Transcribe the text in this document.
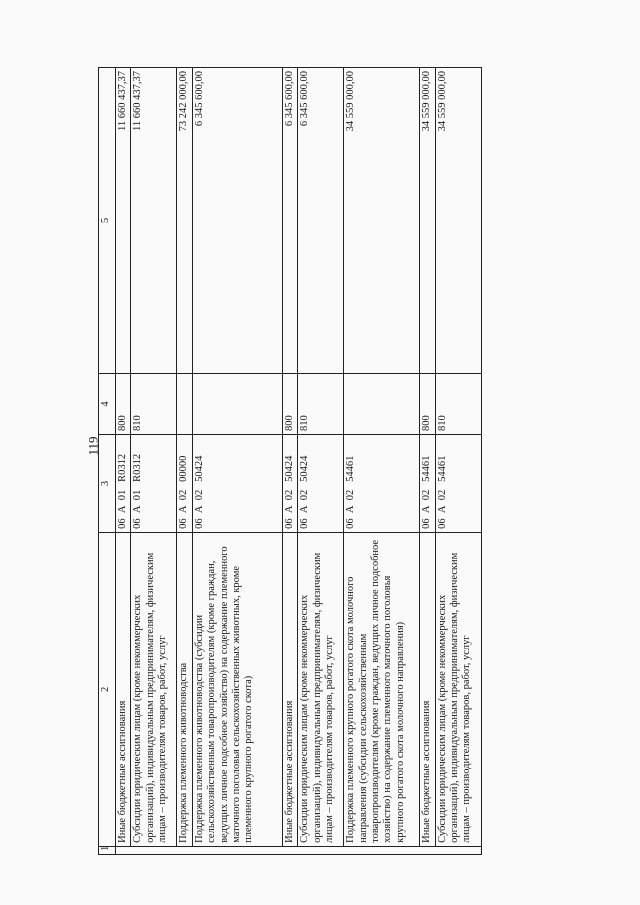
119
1	2	3	4	5
	Иные бюджетные ассигнования	06  А  01   R0312	800	11 660 437,37
	Субсидии юридическим лицам (кроме некоммерческих организаций), индивидуальным предпринимателям, физическим лицам – производителям товаров, работ, услуг	06  А  01   R0312	810	11 660 437,37
	Поддержка племенного животноводства	06  А  02   00000		73 242 000,00
	Поддержка племенного животноводства (субсидии сельскохозяйственным товаропроизводителям (кроме граждан, ведущих личное подсобное хозяйство) на содержание племенного маточного поголовья сельскохозяйственных животных, кроме племенного крупного рогатого скота)	06  А  02   50424		6 345 600,00
	Иные бюджетные ассигнования	06  А  02   50424	800	6 345 600,00
	Субсидии юридическим лицам (кроме некоммерческих организаций), индивидуальным предпринимателям, физическим лицам – производителям товаров, работ, услуг	06  А  02   50424	810	6 345 600,00
	Поддержка племенного крупного рогатого скота молочного направления (субсидии сельскохозяйственным товаропроизводителям (кроме граждан, ведущих личное подсобное хозяйство) на содержание племенного маточного поголовья крупного рогатого скота молочного направления)	06  А  02   54461		34 559 000,00
	Иные бюджетные ассигнования	06  А  02   54461	800	34 559 000,00
	Субсидии юридическим лицам (кроме некоммерческих организаций), индивидуальным предпринимателям, физическим лицам – производителям товаров, работ, услуг	06  А  02   54461	810	34 559 000,00
